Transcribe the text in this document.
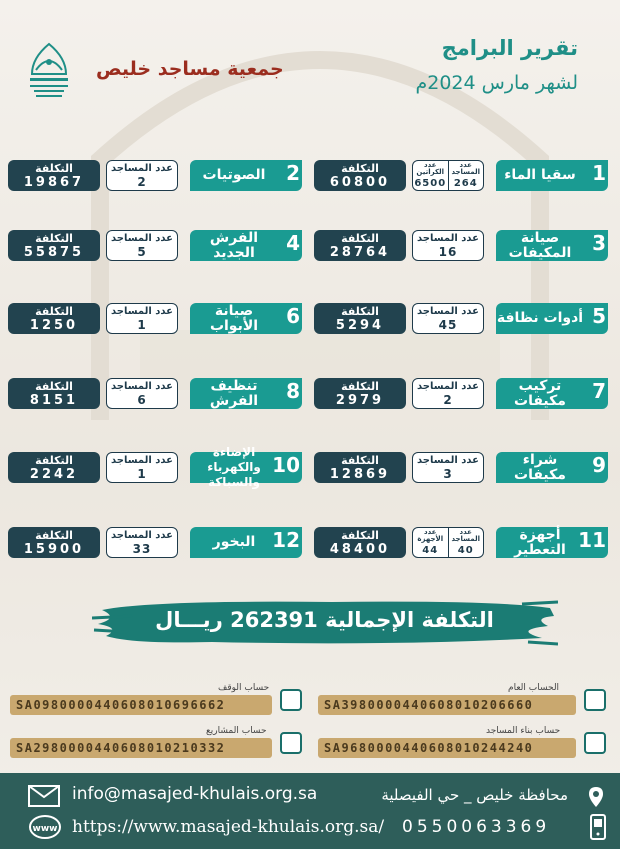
جمعية مساجد خليص
تقرير البرامج
لشهر مارس 2024م
التكلفة
60800
عدد الكراتين
6500
عدد المساجد
264	1
سقيا الماء
التكلفة
19867
عدد المساجد
2	2
الصوتيات
التكلفة
28764
عدد المساجد
16	3
صيانة المكيفات
التكلفة
55875
عدد المساجد
5	4
الفرش الجديد
التكلفة
5294
عدد المساجد
45	5
أدوات نظافة
التكلفة
1250
عدد المساجد
1	6
صيانة الأبواب
التكلفة
2979
عدد المساجد
2	7
تركيب مكيفات
التكلفة
8151
عدد المساجد
6	8
تنظيف الفرش
التكلفة
12869
عدد المساجد
3	9
شراء مكيفات
التكلفة
2242
عدد المساجد
1	10
الإضاءة والكهرباء والسباكة
التكلفة
48400
عدد الأجهزة
44
عدد المساجد
40	11
أجهزة التعطير
التكلفة
15900
عدد المساجد
33	12
البخور
التكلفة الإجمالية 262391 ريـــال
الحساب العام
SA3980000440608010206660
حساب الوقف
SA0980000440608010696662
حساب بناء المساجد
SA9680000440608010244240
حساب المشاريع
SA2980000440608010210332
info@masajed-khulais.org.sa	محافظة خليص _ حي الفيصلية
www https://www.masajed-khulais.org.sa/ 0550063369
